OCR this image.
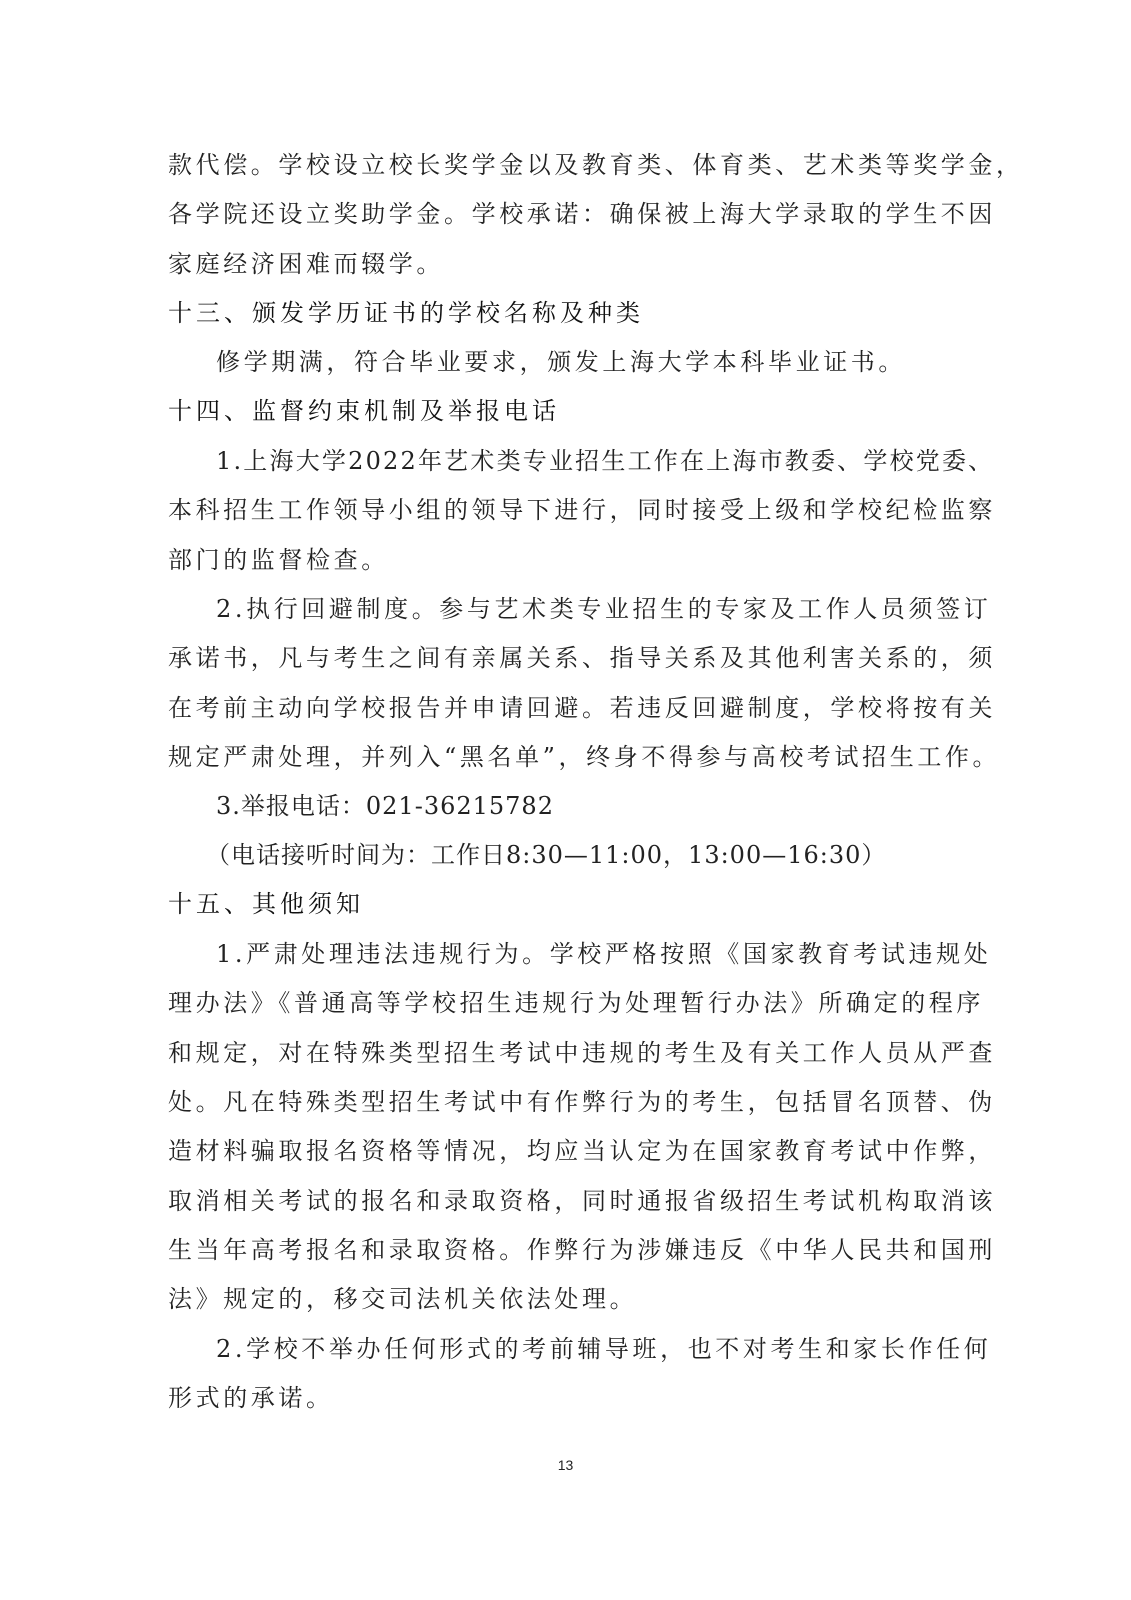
款代偿。学校设立校长奖学金以及教育类、体育类、艺术类等奖学金，
各学院还设立奖助学金。学校承诺：确保被上海大学录取的学生不因
家庭经济困难而辍学。
十三、颁发学历证书的学校名称及种类
修学期满，符合毕业要求，颁发上海大学本科毕业证书。
十四、监督约束机制及举报电话
1.上海大学2022年艺术类专业招生工作在上海市教委、学校党委、
本科招生工作领导小组的领导下进行，同时接受上级和学校纪检监察
部门的监督检查。
2.执行回避制度。参与艺术类专业招生的专家及工作人员须签订
承诺书，凡与考生之间有亲属关系、指导关系及其他利害关系的，须
在考前主动向学校报告并申请回避。若违反回避制度，学校将按有关
规定严肃处理，并列入“黑名单”，终身不得参与高校考试招生工作。
3.举报电话：021-36215782
（电话接听时间为：工作日8:30—11:00，13:00—16:30）
十五、其他须知
1.严肃处理违法违规行为。学校严格按照《国家教育考试违规处
理办法》《普通高等学校招生违规行为处理暂行办法》所确定的程序
和规定，对在特殊类型招生考试中违规的考生及有关工作人员从严查
处。凡在特殊类型招生考试中有作弊行为的考生，包括冒名顶替、伪
造材料骗取报名资格等情况，均应当认定为在国家教育考试中作弊，
取消相关考试的报名和录取资格，同时通报省级招生考试机构取消该
生当年高考报名和录取资格。作弊行为涉嫌违反《中华人民共和国刑
法》规定的，移交司法机关依法处理。
2.学校不举办任何形式的考前辅导班，也不对考生和家长作任何
形式的承诺。
13
